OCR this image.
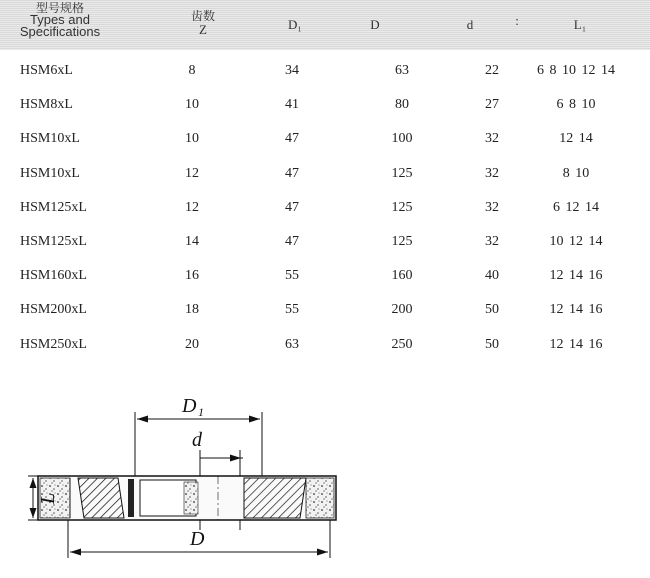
型号规格
Types and
Specifications
齿数
Z	D₁	D	d	:	L₁
HSM6xL	8	34	63	22	6 8 10 12 14
HSM8xL	10	41	80	27	6 8 10
HSM10xL	10	47	100	32	12 14
HSM10xL	12	47	125	32	8 10
HSM125xL	12	47	125	32	6 12 14
HSM125xL	14	47	125	32	10 12 14
HSM160xL	16	55	160	40	12 14 16
HSM200xL	18	55	200	50	12 14 16
HSM250xL	20	63	250	50	12 14 16
D 1
d
L
D
